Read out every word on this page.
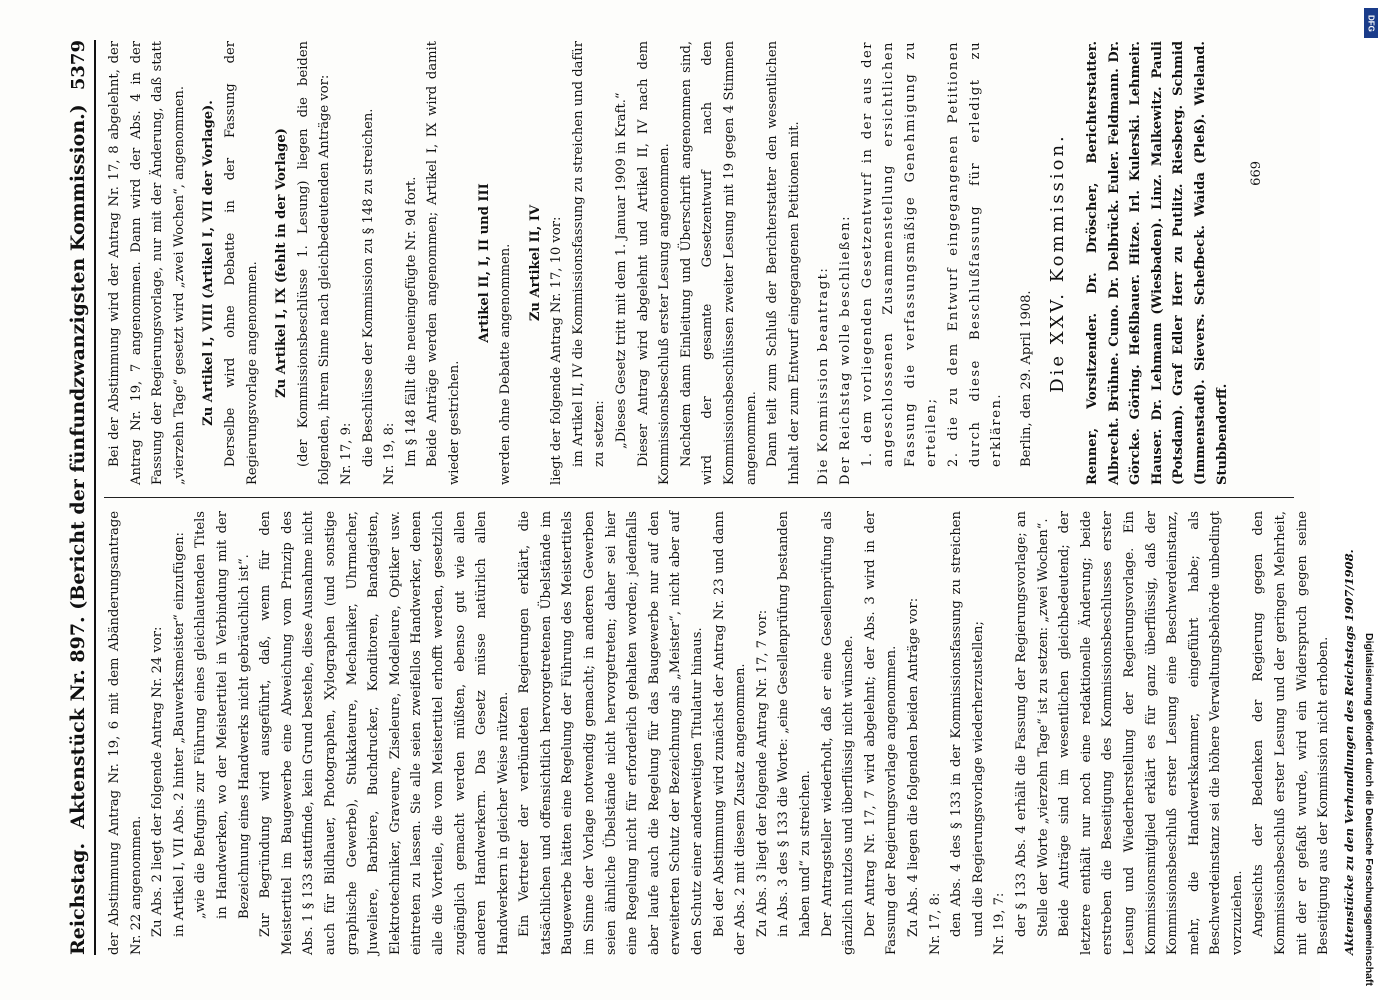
Reichstag.
Aktenstück Nr. 897. (Bericht der fünfundzwanzigsten Kommission.)
5379

der Abstimmung Antrag Nr. 19, 6 mit dem Abänderungsantrage Nr. 22 angenommen. Zu Abs. 2 liegt der folgende Antrag Nr. 24 vor: in Artikel I, VII Abs. 2 hinter „Bauwerksmeister“ einzufügen: „wie die Befugnis zur Führung eines gleichlautenden Titels in Handwerken, wo der Meistertitel in Verbindung mit der Bezeichnung eines Handwerks nicht gebräuchlich ist“. Zur Begründung wird ausgeführt, daß, wenn für den Meistertitel im Baugewerbe eine Abweichung vom Prinzip des Abs. 1 § 133 stattfinde, kein Grund bestehe, diese Ausnahme nicht auch für Bildhauer, Photographen, Xylographen (und sonstige graphische Gewerbe), Stukkateure, Mechaniker, Uhrmacher, Juweliere, Barbiere, Buchdrucker, Konditoren, Bandagisten, Elektrotechniker, Graveure, Ziseleure, Modelleure, Optiker usw. eintreten zu lassen. Sie alle seien zweifellos Handwerker, denen alle die Vorteile, die vom Meistertitel erhofft werden, gesetzlich zugänglich gemacht werden müßten, ebenso gut wie allen anderen Handwerkern. Das Gesetz müsse natürlich allen Handwerkern in gleicher Weise nützen. Ein Vertreter der verbündeten Regierungen erklärt, die tatsächlichen und offensichtlich hervorgetretenen Übelstände im Baugewerbe hätten eine Regelung der Führung des Meistertitels im Sinne der Vorlage notwendig gemacht; in anderen Gewerben seien ähnliche Übelstände nicht hervorgetreten; daher sei hier eine Regelung nicht für erforderlich gehalten worden; jedenfalls aber laufe auch die Regelung für das Baugewerbe nur auf den erweiterten Schutz der Bezeichnung als „Meister“, nicht aber auf den Schutz einer anderweitigen Titulatur hinaus. Bei der Abstimmung wird zunächst der Antrag Nr. 23 und dann der Abs. 2 mit diesem Zusatz angenommen. Zu Abs. 3 liegt der folgende Antrag Nr. 17, 7 vor: in Abs. 3 des § 133 die Worte: „eine Gesellenprüfung bestanden haben und“ zu streichen. Der Antragsteller wiederholt, daß er eine Gesellenprüfung als gänzlich nutzlos und überflüssig nicht wünsche. Der Antrag Nr. 17, 7 wird abgelehnt; der Abs. 3 wird in der Fassung der Regierungsvorlage angenommen. Zu Abs. 4 liegen die folgenden beiden Anträge vor: Nr. 17, 8: den Abs. 4 des § 133 in der Kommissionsfassung zu streichen und die Regierungsvorlage wiederherzustellen; Nr. 19, 7: der § 133 Abs. 4 erhält die Fassung der Regierungsvorlage; an Stelle der Worte „vierzehn Tage“ ist zu setzen: „zwei Wochen“. Beide Anträge sind im wesentlichen gleichbedeutend; der letztere enthält nur noch eine redaktionelle Änderung; beide erstreben die Beseitigung des Kommissionsbeschlusses erster Lesung und Wiederherstellung der Regierungsvorlage. Ein Kommissionsmitglied erklärt es für ganz überflüssig, daß der Kommissionsbeschluß erster Lesung eine Beschwerdeinstanz, mehr, die Handwerkskammer, eingeführt habe; als Beschwerdeinstanz sei die höhere Verwaltungsbehörde unbedingt vorzuziehen. Angesichts der Bedenken der Regierung gegen den Kommissionsbeschluß erster Lesung und der geringen Mehrheit, mit der er gefaßt wurde, wird ein Widerspruch gegen seine Beseitigung aus der Kommission nicht erhoben. Aktenstücke zu den Verhandlungen des Reichstags 1907/1908.

Bei der Abstimmung wird der Antrag Nr. 17, 8 abgelehnt, der Antrag Nr. 19, 7 angenommen. Dann wird der Abs. 4 in der Fassung der Regierungsvorlage, nur mit der Änderung, daß statt „vierzehn Tage“ gesetzt wird „zwei Wochen“, angenommen. Zu Artikel I, VIII (Artikel I, VII der Vorlage). Derselbe wird ohne Debatte in der Fassung der Regierungsvorlage angenommen. Zu Artikel I, IX (fehlt in der Vorlage) (der Kommissionsbeschlüsse 1. Lesung) liegen die beiden folgenden, ihrem Sinne nach gleichbedeutenden Anträge vor: Nr. 17, 9: die Beschlüsse der Kommission zu § 148 zu streichen. Nr. 19, 8: Im § 148 fällt die neueingefügte Nr. 9d fort. Beide Anträge werden angenommen; Artikel I, IX wird damit wieder gestrichen.

Artikel II, I, II und III werden ohne Debatte angenommen. Zu Artikel II, IV liegt der folgende Antrag Nr. 17, 10 vor: im Artikel II, IV die Kommissionsfassung zu streichen und dafür zu setzen: „Dieses Gesetz tritt mit dem 1. Januar 1909 in Kraft.“ Dieser Antrag wird abgelehnt und Artikel II, IV nach dem Kommissionsbeschluß erster Lesung angenommen. Nachdem dann Einleitung und Überschrift angenommen sind, wird der gesamte Gesetzentwurf nach den Kommissionsbeschlüssen zweiter Lesung mit 19 gegen 4 Stimmen angenommen. Dann teilt zum Schluß der Berichterstatter den wesentlichen Inhalt der zum Entwurf eingegangenen Petitionen mit. Die Kommission beantragt: Der Reichstag wolle beschließen: 1. dem vorliegenden Gesetzentwurf in der aus der angeschlossenen Zusammenstellung ersichtlichen Fassung die verfassungsmäßige Genehmigung zu erteilen; 2. die zu dem Entwurf eingegangenen Petitionen durch diese Beschlußfassung für erledigt zu erklären. Berlin, den 29. April 1908. Die XXV. Kommission. Renner, Vorsitzender. Dr. Dröscher, Berichterstatter. Albrecht. Brühne. Cuno. Dr. Delbrück. Euler. Feldmann. Dr. Görcke. Göring. Heßlbauer. Hitze. Irl. Kulerski. Lehmeir. Hauser. Dr. Lehmann (Wiesbaden). Linz. Malkewitz. Pauli (Potsdam). Graf Edler Herr zu Putlitz. Riesberg. Schmid (Immenstadt). Sievers. Schefbeck. Waida (Pleß). Wieland. Stubbendorff.

669

DFG
Digitalisierung gefördert durch die Deutsche Forschungsgemeinschaft
